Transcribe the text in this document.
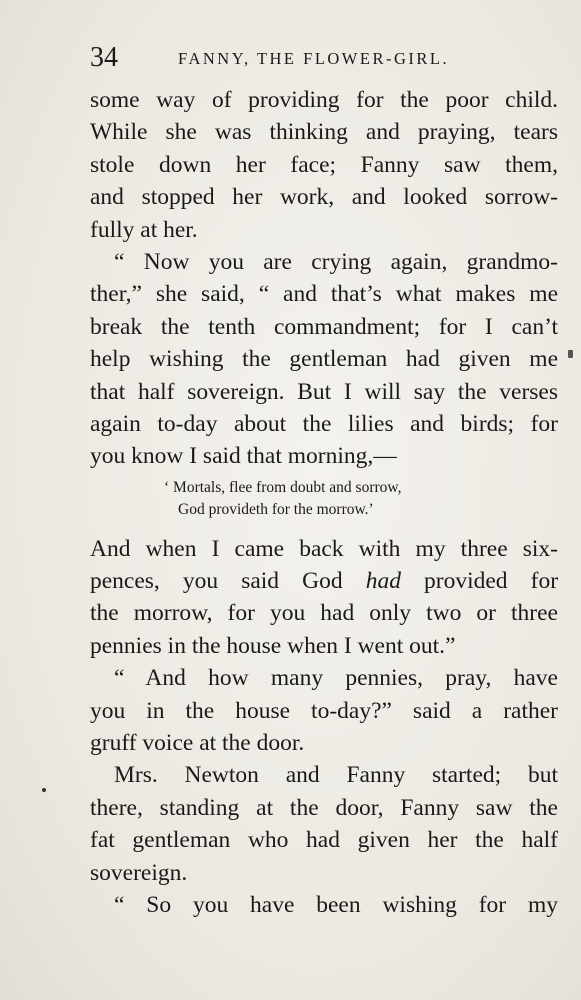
34	FANNY, THE FLOWER-GIRL.
some way of providing for the poor child.
While she was thinking and praying, tears
stole down her face; Fanny saw them,
and stopped her work, and looked sorrow-
fully at her.
“ Now you are crying again, grandmo-
ther,” she said, “ and that’s what makes me
break the tenth commandment; for I can’t
help wishing the gentleman had given me
that half sovereign. But I will say the verses
again to-day about the lilies and birds; for
you know I said that morning,—
‘ Mortals, flee from doubt and sorrow,
God provideth for the morrow.’
And when I came back with my three six-
pences, you said God had provided for
the morrow, for you had only two or three
pennies in the house when I went out.”
“ And how many pennies, pray, have
you in the house to-day?” said a rather
gruff voice at the door.
Mrs. Newton and Fanny started; but
there, standing at the door, Fanny saw the
fat gentleman who had given her the half
sovereign.
“ So you have been wishing for my
